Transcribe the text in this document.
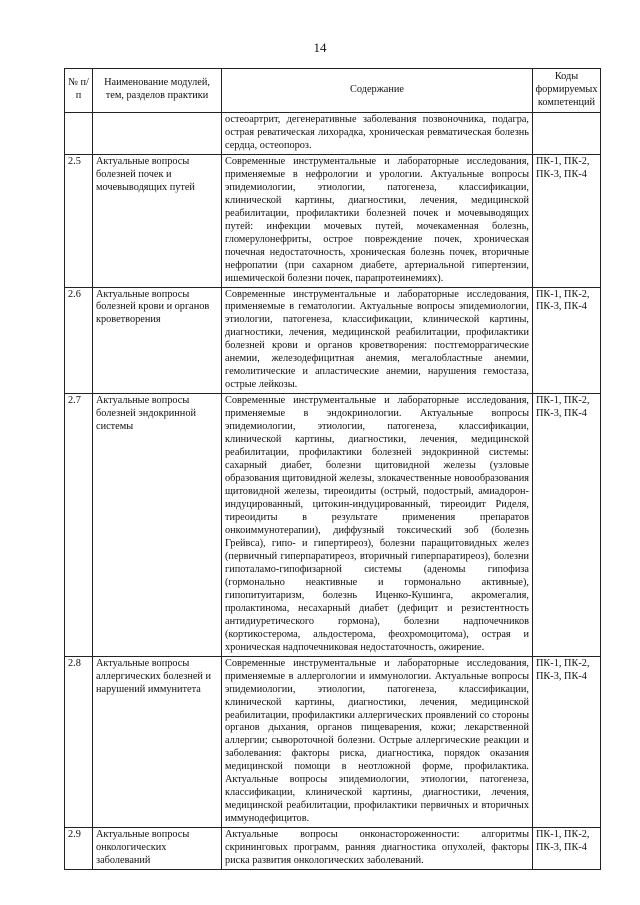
14
№ п/п	Наименование модулей, тем, разделов практики	Содержание	Коды формируемых компетенций
		остеоартрит, дегенеративные заболевания позвоночника, подагра, острая реватическая лихорадка, хроническая ревматическая болезнь сердца, остеопороз.	
2.5	Актуальные вопросы болезней почек и мочевыводящих путей	Современные инструментальные и лабораторные исследования, применяемые в нефрологии и урологии. Актуальные вопросы эпидемиологии, этиологии, патогенеза, классификации, клинической картины, диагностики, лечения, медицинской реабилитации, профилактики болезней почек и мочевыводящих путей: инфекции мочевых путей, мочекаменная болезнь, гломерулонефриты, острое повреждение почек, хроническая почечная недостаточность, хроническая болезнь почек, вторичные нефропатии (при сахарном диабете, артериальной гипертензии, ишемической болезни почек, парапротеинемиях).	ПК-1, ПК-2, ПК-3, ПК-4
2.6	Актуальные вопросы болезней крови и органов кроветворения	Современные инструментальные и лабораторные исследования, применяемые в гематологии. Актуальные вопросы эпидемиологии, этиологии, патогенеза, классификации, клинической картины, диагностики, лечения, медицинской реабилитации, профилактики болезней крови и органов кроветворения: постгеморрагические анемии, железодефицитная анемия, мегалобластные анемии, гемолитические и апластические анемии, нарушения гемостаза, острые лейкозы.	ПК-1, ПК-2, ПК-3, ПК-4
2.7	Актуальные вопросы болезней эндокринной системы	Современные инструментальные и лабораторные исследования, применяемые в эндокринологии. Актуальные вопросы эпидемиологии, этиологии, патогенеза, классификации, клинической картины, диагностики, лечения, медицинской реабилитации, профилактики болезней эндокринной системы: сахарный диабет, болезни щитовидной железы (узловые образования щитовидной железы, злокачественные новообразования щитовидной железы, тиреоидиты (острый, подострый, амиадорон-индуцированный, цитокин-индуцированный, тиреоидит Риделя, тиреоидиты в результате применения препаратов онкоиммунотерапии), диффузный токсический зоб (болезнь Грейвса), гипо- и гипертиреоз), болезни паращитовидных желез (первичный гиперпаратиреоз, вторичный гиперпаратиреоз), болезни гипоталамо-гипофизарной системы (аденомы гипофиза (гормонально неактивные и гормонально активные), гипопитуитаризм, болезнь Иценко-Кушинга, акромегалия, пролактинома, несахарный диабет (дефицит и резистентность антидиуретического гормона), болезни надпочечников (кортикостерома, альдостерома, феохромоцитома), острая и хроническая надпочечниковая недостаточность, ожирение.	ПК-1, ПК-2, ПК-3, ПК-4
2.8	Актуальные вопросы аллергических болезней и нарушений иммунитета	Современные инструментальные и лабораторные исследования, применяемые в аллергологии и иммунологии. Актуальные вопросы эпидемиологии, этиологии, патогенеза, классификации, клинической картины, диагностики, лечения, медицинской реабилитации, профилактики аллергических проявлений со стороны органов дыхания, органов пищеварения, кожи; лекарственной аллергии; сывороточной болезни. Острые аллергические реакции и заболевания: факторы риска, диагностика, порядок оказания медицинской помощи в неотложной форме, профилактика. Актуальные вопросы эпидемиологии, этиологии, патогенеза, классификации, клинической картины, диагностики, лечения, медицинской реабилитации, профилактики первичных и вторичных иммунодефицитов.	ПК-1, ПК-2, ПК-3, ПК-4
2.9	Актуальные вопросы онкологических заболеваний	Актуальные вопросы онконастороженности: алгоритмы скрининговых программ, ранняя диагностика опухолей, факторы риска развития онкологических заболеваний.	ПК-1, ПК-2, ПК-3, ПК-4
